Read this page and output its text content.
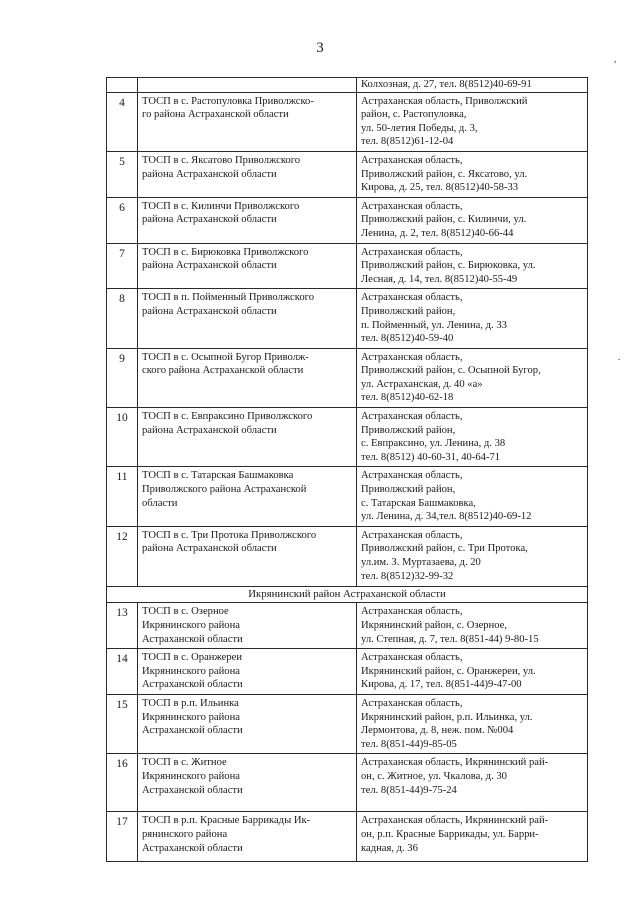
3
,
.
		Колхозная, д. 27, тел. 8(8512)40-69-91
4	ТОСП в с. Растопуловка Приволжско-
го района Астраханской области	Астраханская область, Приволжский
район, с. Растопуловка,
ул. 50-летия Победы, д. 3,
тел. 8(8512)61-12-04
5	ТОСП в с. Яксатово Приволжского
района Астраханской области	Астраханская область,
Приволжский район, с. Яксатово, ул.
Кирова, д. 25, тел. 8(8512)40-58-33
6	ТОСП в с. Килинчи Приволжского
района Астраханской области	Астраханская область,
Приволжский район, с. Килинчи, ул.
Ленина, д. 2, тел. 8(8512)40-66-44
7	ТОСП в с. Бирюковка Приволжского
района Астраханской области	Астраханская область,
Приволжский район, с. Бирюковка, ул.
Лесная, д. 14, тел. 8(8512)40-55-49
8	ТОСП в п. Пойменный Приволжского
района Астраханской области	Астраханская область,
Приволжский район,
п. Пойменный, ул. Ленина, д. 33
тел. 8(8512)40-59-40
9	ТОСП в с. Осыпной Бугор Приволж-
ского района Астраханской области	Астраханская область,
Приволжский район, с. Осыпной Бугор,
ул. Астраханская, д. 40 «а»
тел. 8(8512)40-62-18
10	ТОСП в с. Евпраксино Приволжского
района Астраханской области	Астраханская область,
Приволжский район,
с. Евпраксино, ул. Ленина, д. 38
тел. 8(8512) 40-60-31, 40-64-71
11	ТОСП в с. Татарская Башмаковка
Приволжского района Астраханской
области	Астраханская область,
Приволжский район,
с. Татарская Башмаковка,
ул. Ленина, д. 34,тел. 8(8512)40-69-12
12	ТОСП в с. Три Протока Приволжского
района Астраханской области	Астраханская область,
Приволжский район, с. Три Протока,
ул.им. З. Муртазаева, д. 20
тел. 8(8512)32-99-32
Икрянинский район Астраханской области		
13	ТОСП в с. Озерное
Икрянинского района
Астраханской области	Астраханская область,
Икрянинский район, с. Озерное,
ул. Степная, д. 7, тел. 8(851-44) 9-80-15
14	ТОСП в с. Оранжереи
Икрянинского района
Астраханской области	Астраханская область,
Икрянинский район, с. Оранжереи, ул.
Кирова, д. 17, тел. 8(851-44)9-47-00
15	ТОСП в р.п. Ильинка
Икрянинского района
Астраханской области	Астраханская область,
Икрянинский район, р.п. Ильинка, ул.
Лермонтова, д. 8, неж. пом. №004
тел. 8(851-44)9-85-05
16	ТОСП в с. Житное
Икрянинского района
Астраханской области	Астраханская область, Икрянинский рай-
он, с. Житное, ул. Чкалова, д. 30
тел. 8(851-44)9-75-24
17	ТОСП в р.п. Красные Баррикады Ик-
рянинского района
Астраханской области	Астраханская область, Икрянинский рай-
он, р.п. Красные Баррикады, ул. Барри-
кадная, д. 36
